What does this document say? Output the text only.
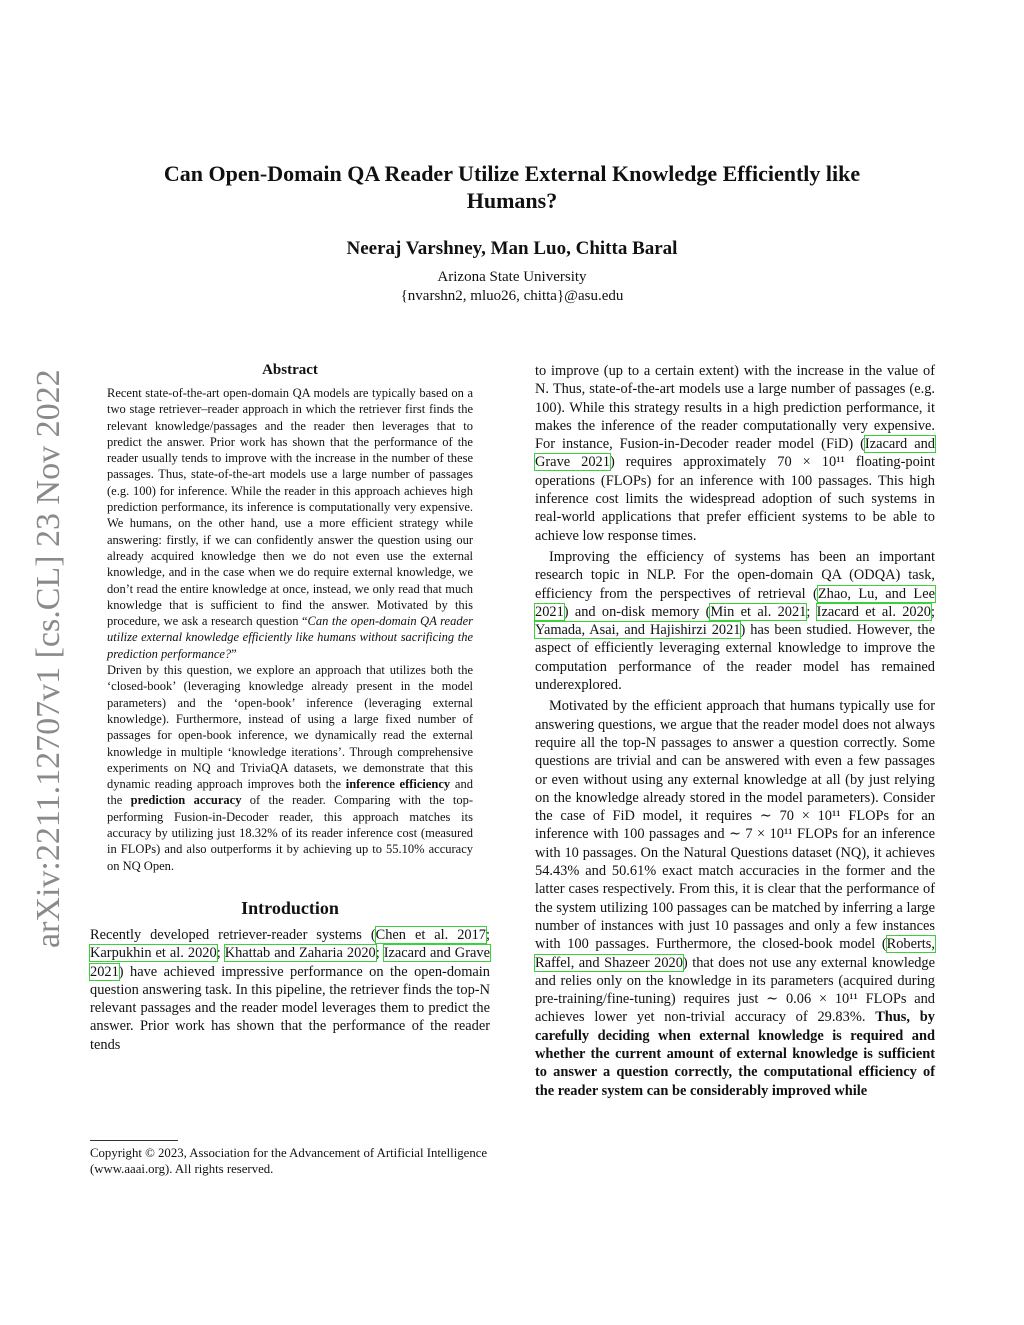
arXiv:2211.12707v1 [cs.CL] 23 Nov 2022
Can Open-Domain QA Reader Utilize External Knowledge Efficiently like
Humans?
Neeraj Varshney, Man Luo, Chitta Baral
Arizona State University
{nvarshn2, mluo26, chitta}@asu.edu
Abstract

Recent state-of-the-art open-domain QA models are typically based on a two stage retriever–reader approach in which the retriever first finds the relevant knowledge/passages and the reader then leverages that to predict the answer. Prior work has shown that the performance of the reader usually tends to improve with the increase in the number of these passages. Thus, state-of-the-art models use a large number of passages (e.g. 100) for inference. While the reader in this approach achieves high prediction performance, its inference is computationally very expensive. We humans, on the other hand, use a more efficient strategy while answering: firstly, if we can confidently answer the question using our already acquired knowledge then we do not even use the external knowledge, and in the case when we do require external knowledge, we don’t read the entire knowledge at once, instead, we only read that much knowledge that is sufficient to find the answer. Motivated by this procedure, we ask a research question “Can the open-domain QA reader utilize external knowledge efficiently like humans without sacrificing the prediction performance?”

Driven by this question, we explore an approach that utilizes both the ‘closed-book’ (leveraging knowledge already present in the model parameters) and the ‘open-book’ inference (leveraging external knowledge). Furthermore, instead of using a large fixed number of passages for open-book inference, we dynamically read the external knowledge in multiple ‘knowledge iterations’. Through comprehensive experiments on NQ and TriviaQA datasets, we demonstrate that this dynamic reading approach improves both the inference efficiency and the prediction accuracy of the reader. Comparing with the top-performing Fusion-in-Decoder reader, this approach matches its accuracy by utilizing just 18.32% of its reader inference cost (measured in FLOPs) and also outperforms it by achieving up to 55.10% accuracy on NQ Open.

Introduction

Recently developed retriever-reader systems (Chen et al. 2017; Karpukhin et al. 2020; Khattab and Zaharia 2020; Izacard and Grave 2021) have achieved impressive performance on the open-domain question answering task. In this pipeline, the retriever finds the top-N relevant passages and the reader model leverages them to predict the answer. Prior work has shown that the performance of the reader tends

Copyright © 2023, Association for the Advancement of Artificial Intelligence (www.aaai.org). All rights reserved.

to improve (up to a certain extent) with the increase in the value of N. Thus, state-of-the-art models use a large number of passages (e.g. 100). While this strategy results in a high prediction performance, it makes the inference of the reader computationally very expensive. For instance, Fusion-in-Decoder reader model (FiD) (Izacard and Grave 2021) requires approximately 70 × 10¹¹ floating-point operations (FLOPs) for an inference with 100 passages. This high inference cost limits the widespread adoption of such systems in real-world applications that prefer efficient systems to be able to achieve low response times.

Improving the efficiency of systems has been an important research topic in NLP. For the open-domain QA (ODQA) task, efficiency from the perspectives of retrieval (Zhao, Lu, and Lee 2021) and on-disk memory (Min et al. 2021; Izacard et al. 2020; Yamada, Asai, and Hajishirzi 2021) has been studied. However, the aspect of efficiently leveraging external knowledge to improve the computation performance of the reader model has remained underexplored.

Motivated by the efficient approach that humans typically use for answering questions, we argue that the reader model does not always require all the top-N passages to answer a question correctly. Some questions are trivial and can be answered with even a few passages or even without using any external knowledge at all (by just relying on the knowledge already stored in the model parameters). Consider the case of FiD model, it requires ∼ 70 × 10¹¹ FLOPs for an inference with 100 passages and ∼ 7 × 10¹¹ FLOPs for an inference with 10 passages. On the Natural Questions dataset (NQ), it achieves 54.43% and 50.61% exact match accuracies in the former and the latter cases respectively. From this, it is clear that the performance of the system utilizing 100 passages can be matched by inferring a large number of instances with just 10 passages and only a few instances with 100 passages. Furthermore, the closed-book model (Roberts, Raffel, and Shazeer 2020) that does not use any external knowledge and relies only on the knowledge in its parameters (acquired during pre-training/fine-tuning) requires just ∼ 0.06 × 10¹¹ FLOPs and achieves lower yet non-trivial accuracy of 29.83%. Thus, by carefully deciding when external knowledge is required and whether the current amount of external knowledge is sufficient to answer a question correctly, the computational efficiency of the reader system can be considerably improved while
